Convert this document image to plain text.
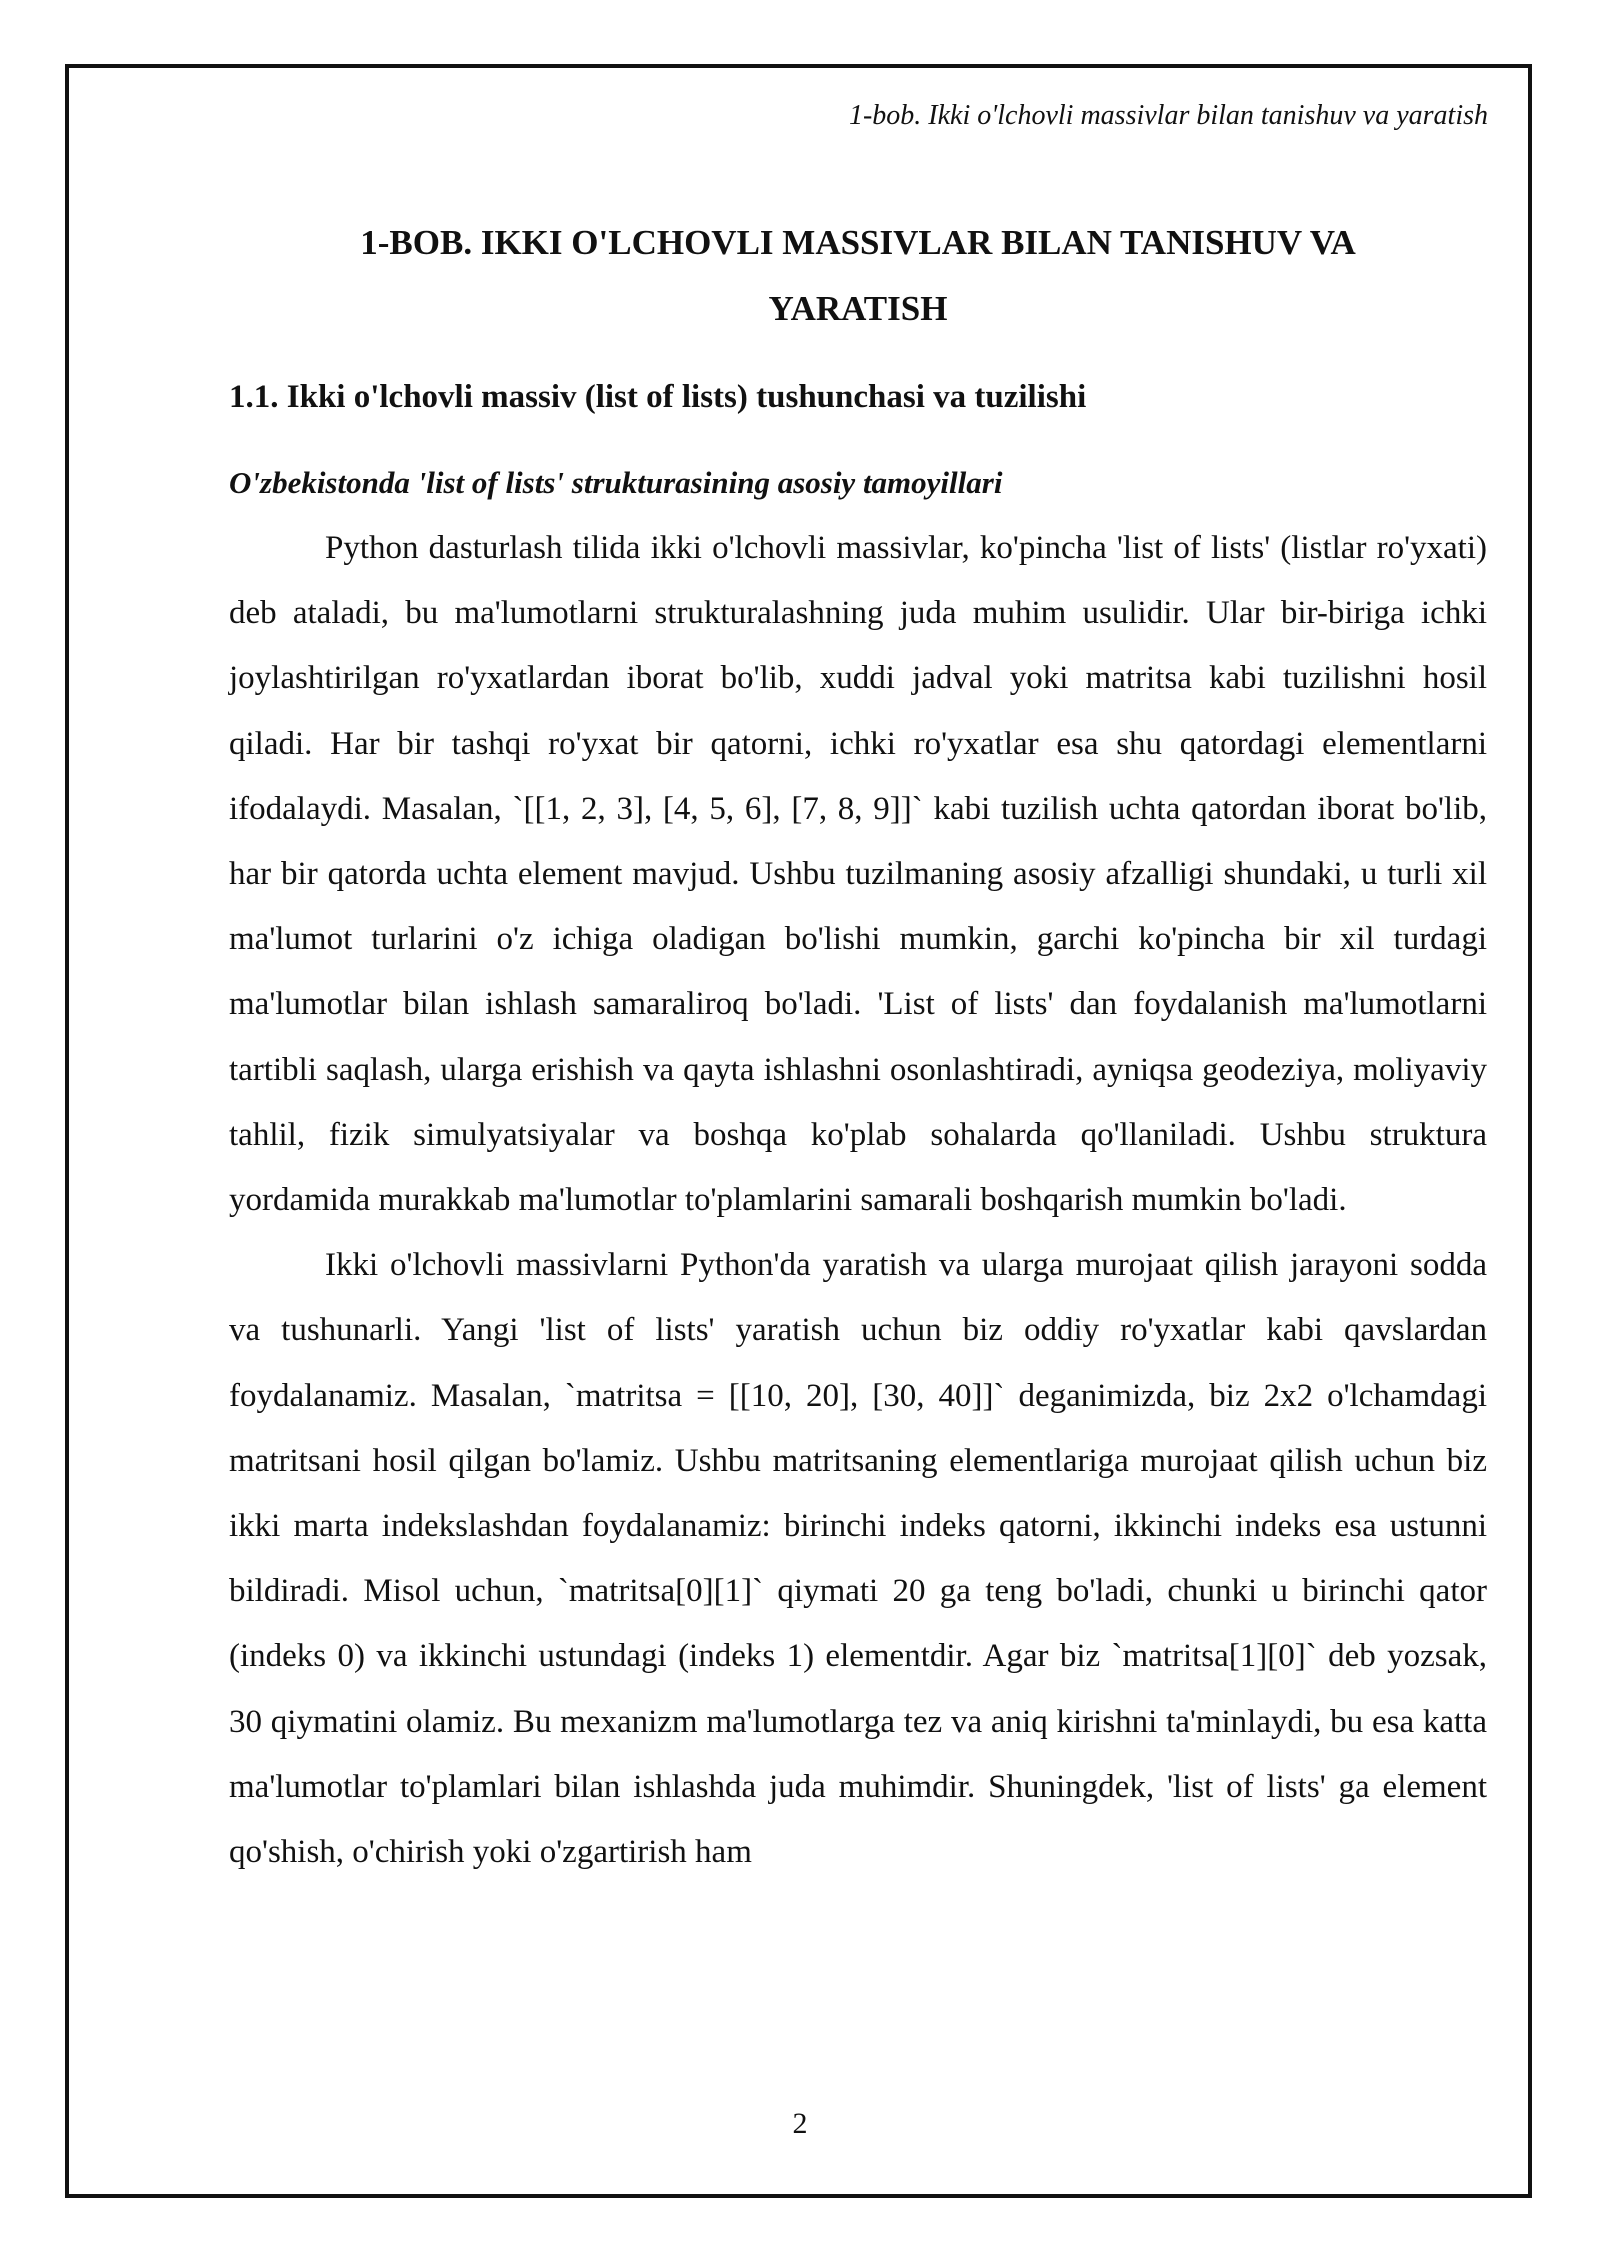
1-bob. Ikki o'lchovli massivlar bilan tanishuv va yaratish
1-BOB. IKKI O'LCHOVLI MASSIVLAR BILAN TANISHUV VA
YARATISH
1.1. Ikki o'lchovli massiv (list of lists) tushunchasi va tuzilishi
O'zbekistonda 'list of lists' strukturasining asosiy tamoyillari

Python dasturlash tilida ikki o'lchovli massivlar, ko'pincha 'list of lists' (listlar ro'yxati) deb ataladi, bu ma'lumotlarni strukturalashning juda muhim usulidir. Ular bir-biriga ichki joylashtirilgan ro'yxatlardan iborat bo'lib, xuddi jadval yoki matritsa kabi tuzilishni hosil qiladi. Har bir tashqi ro'yxat bir qatorni, ichki ro'yxatlar esa shu qatordagi elementlarni ifodalaydi. Masalan, `[[1, 2, 3], [4, 5, 6], [7, 8, 9]]` kabi tuzilish uchta qatordan iborat bo'lib, har bir qatorda uchta element mavjud. Ushbu tuzilmaning asosiy afzalligi shundaki, u turli xil ma'lumot turlarini o'z ichiga oladigan bo'lishi mumkin, garchi ko'pincha bir xil turdagi ma'lumotlar bilan ishlash samaraliroq bo'ladi. 'List of lists' dan foydalanish ma'lumotlarni tartibli saqlash, ularga erishish va qayta ishlashni osonlashtiradi, ayniqsa geodeziya, moliyaviy tahlil, fizik simulyatsiyalar va boshqa ko'plab sohalarda qo'llaniladi. Ushbu struktura yordamida murakkab ma'lumotlar to'plamlarini samarali boshqarish mumkin bo'ladi.

Ikki o'lchovli massivlarni Python'da yaratish va ularga murojaat qilish jarayoni sodda va tushunarli. Yangi 'list of lists' yaratish uchun biz oddiy ro'yxatlar kabi qavslardan foydalanamiz. Masalan, `matritsa = [[10, 20], [30, 40]]` deganimizda, biz 2x2 o'lchamdagi matritsani hosil qilgan bo'lamiz. Ushbu matritsaning elementlariga murojaat qilish uchun biz ikki marta indekslashdan foydalanamiz: birinchi indeks qatorni, ikkinchi indeks esa ustunni bildiradi. Misol uchun, `matritsa[0][1]` qiymati 20 ga teng bo'ladi, chunki u birinchi qator (indeks 0) va ikkinchi ustundagi (indeks 1) elementdir. Agar biz `matritsa[1][0]` deb yozsak, 30 qiymatini olamiz. Bu mexanizm ma'lumotlarga tez va aniq kirishni ta'minlaydi, bu esa katta ma'lumotlar to'plamlari bilan ishlashda juda muhimdir. Shuningdek, 'list of lists' ga element qo'shish, o'chirish yoki o'zgartirish ham

2
